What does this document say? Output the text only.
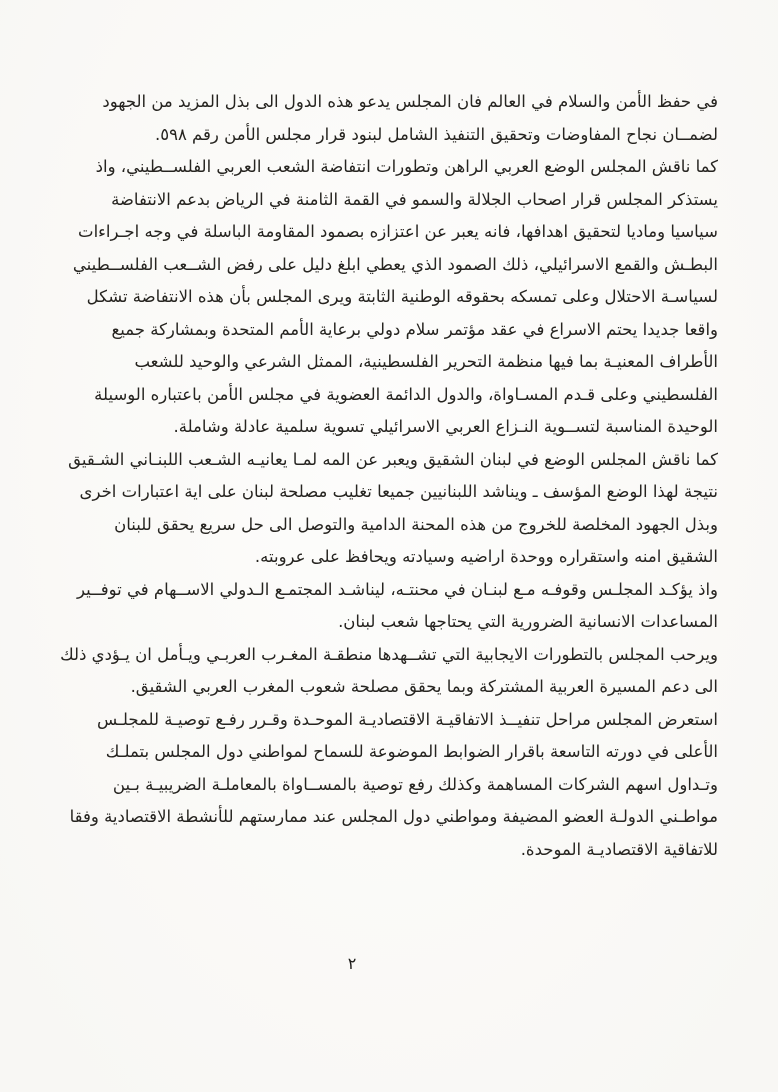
في حفظ الأمن والسلام في العالم فان المجلس يدعو هذه الدول الى بذل المزيد من الجهود لضمــان نجاح المفاوضات وتحقيق التنفيذ الشامل لبنود قرار مجلس الأمن رقم ٥٩٨.

كما ناقش المجلس الوضع العربي الراهن وتطورات انتفاضة الشعب العربي الفلســطيني، واذ يستذكر المجلس قرار اصحاب الجلالة والسمو في القمة الثامنة في الرياض بدعم الانتفاضة سياسيا وماديا لتحقيق اهدافها، فانه يعبر عن اعتزازه بصمود المقاومة الباسلة في وجه اجـراءات البطـش والقمع الاسرائيلي، ذلك الصمود الذي يعطي ابلغ دليل على رفض الشــعب الفلســطيني لسياسـة الاحتلال وعلى تمسكه بحقوقه الوطنية الثابتة ويرى المجلس بأن هذه الانتفاضة تشكل واقعا جديدا يحتم الاسراع في عقد مؤتمر سلام دولي برعاية الأمم المتحدة وبمشاركة جميع الأطراف المعنيـة بما فيها منظمة التحرير الفلسطينية، الممثل الشرعي والوحيد للشعب الفلسطيني وعلى قـدم المسـاواة، والدول الدائمة العضوية في مجلس الأمن باعتباره الوسيلة الوحيدة المناسبة لتســوية النـزاع العربي الاسرائيلي تسوية سلمية عادلة وشاملة.

كما ناقش المجلس الوضع في لبنان الشقيق ويعبر عن المه لمـا يعانيـه الشـعب اللبنـاني الشـقيق نتيجة لهذا الوضع المؤسف ـ ويناشد اللبنانيين جميعا تغليب مصلحة لبنان على اية اعتبارات اخرى وبذل الجهود المخلصة للخروج من هذه المحنة الدامية والتوصل الى حل سريع يحقق للبنان الشقيق امنه واستقراره ووحدة اراضيه وسيادته ويحافظ على عروبته.

واذ يؤكـد المجلـس وقوفـه مـع لبنـان في محنتـه، ليناشـد المجتمـع الـدولي الاســهام في توفــير المساعدات الانسانية الضرورية التي يحتاجها شعب لبنان.

ويرحب المجلس بالتطورات الايجابية التي تشــهدها منطقـة المغـرب العربـي ويـأمل ان يـؤدي ذلك الى دعم المسيرة العربية المشتركة وبما يحقق مصلحة شعوب المغرب العربي الشقيق.

استعرض المجلس مراحل تنفيــذ الاتفاقيـة الاقتصاديـة الموحـدة وقـرر رفـع توصيـة للمجلـس الأعلى في دورته التاسعة باقرار الضوابط الموضوعة للسماح لمواطني دول المجلس بتملـك وتـداول اسهم الشركات المساهمة وكذلك رفع توصية بالمســاواة بالمعاملـة الضريبيـة بـين مواطـني الدولـة العضو المضيفة ومواطني دول المجلس عند ممارستهم للأنشطة الاقتصادية وفقا للاتفاقية الاقتصاديـة الموحدة.

٢
